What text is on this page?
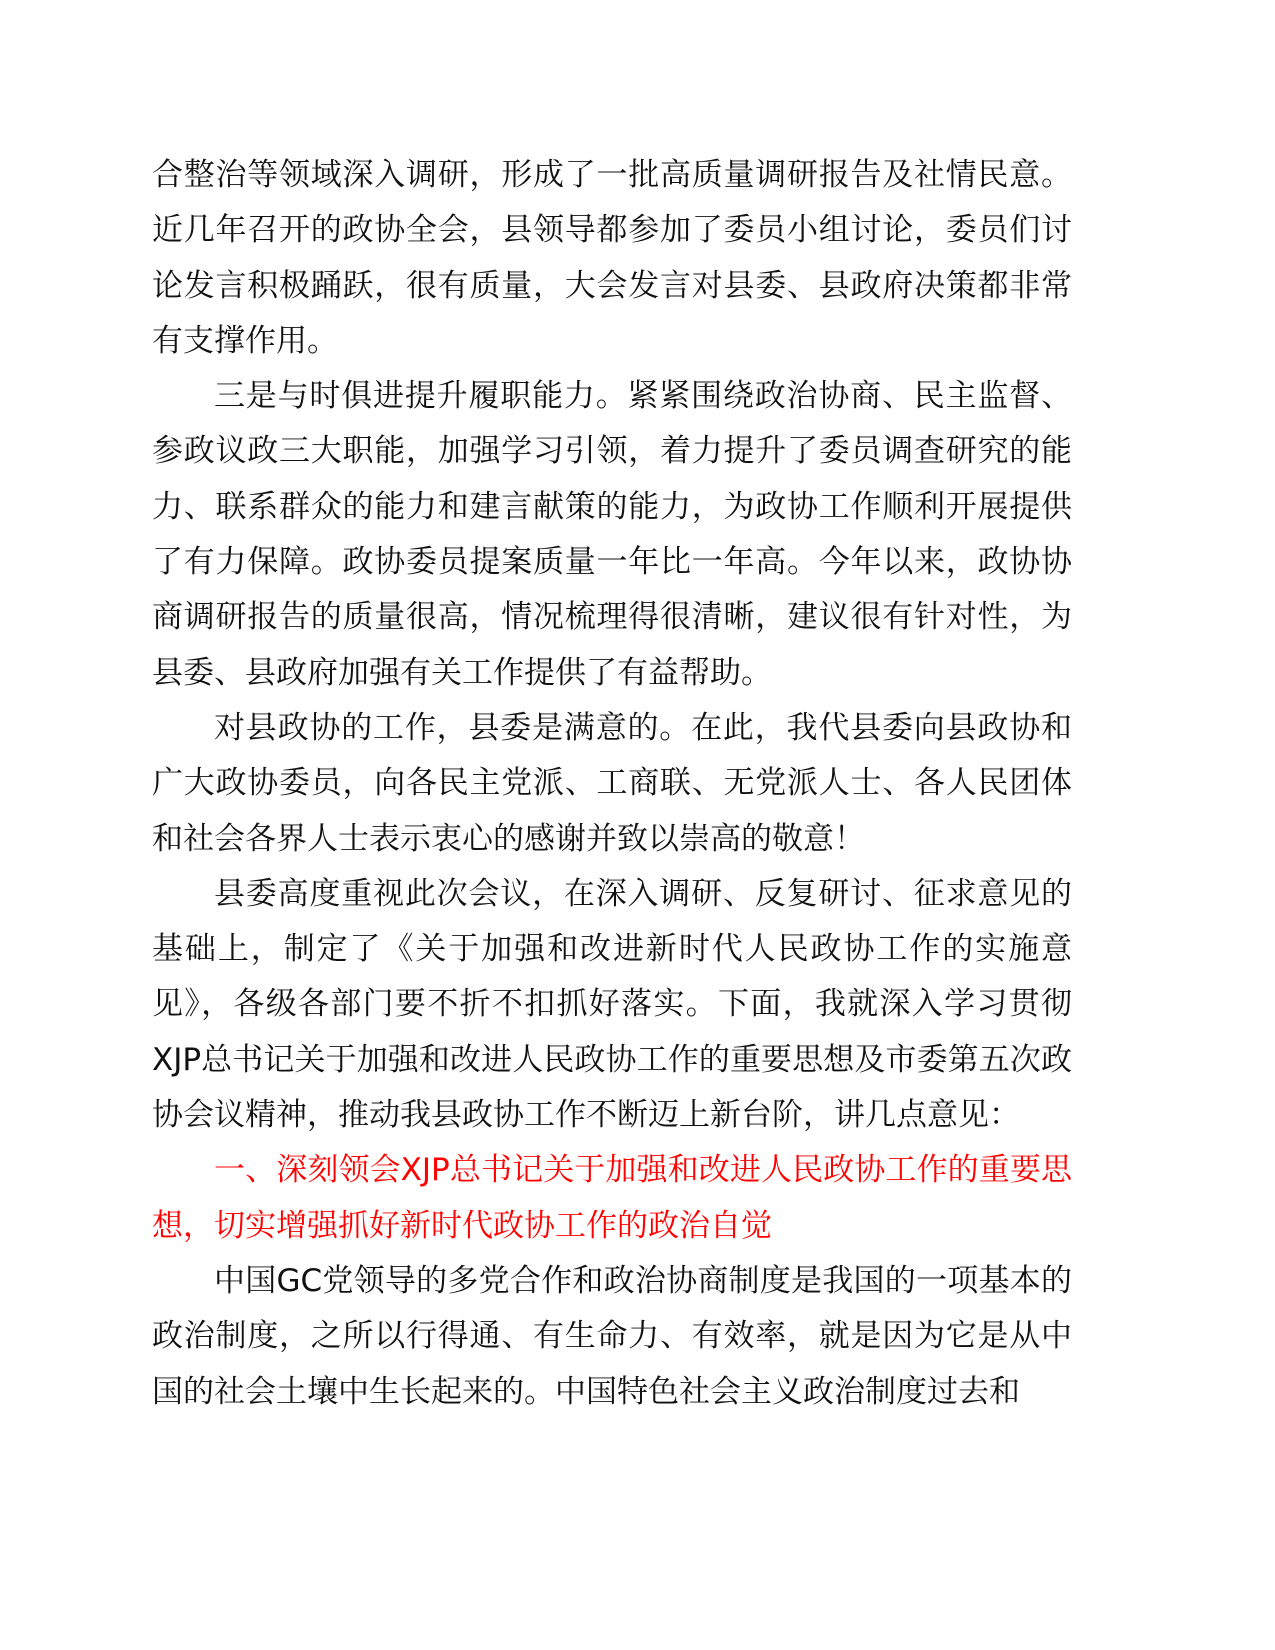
合整治等领域深入调研，形成了一批高质量调研报告及社情民意。近几年召开的政协全会，县领导都参加了委员小组讨论，委员们讨论发言积极踊跃，很有质量，大会发言对县委、县政府决策都非常有支撑作用。

三是与时俱进提升履职能力。紧紧围绕政治协商、民主监督、参政议政三大职能，加强学习引领，着力提升了委员调查研究的能力、联系群众的能力和建言献策的能力，为政协工作顺利开展提供了有力保障。政协委员提案质量一年比一年高。今年以来，政协协商调研报告的质量很高，情况梳理得很清晰，建议很有针对性，为县委、县政府加强有关工作提供了有益帮助。

对县政协的工作，县委是满意的。在此，我代县委向县政协和广大政协委员，向各民主党派、工商联、无党派人士、各人民团体和社会各界人士表示衷心的感谢并致以崇高的敬意！

县委高度重视此次会议，在深入调研、反复研讨、征求意见的基础上，制定了《关于加强和改进新时代人民政协工作的实施意见》，各级各部门要不折不扣抓好落实。下面，我就深入学习贯彻XJP总书记关于加强和改进人民政协工作的重要思想及市委第五次政协会议精神，推动我县政协工作不断迈上新台阶，讲几点意见：

一、深刻领会XJP总书记关于加强和改进人民政协工作的重要思想，切实增强抓好新时代政协工作的政治自觉

中国GC党领导的多党合作和政治协商制度是我国的一项基本的政治制度，之所以行得通、有生命力、有效率，就是因为它是从中国的社会土壤中生长起来的。中国特色社会主义政治制度过去和
